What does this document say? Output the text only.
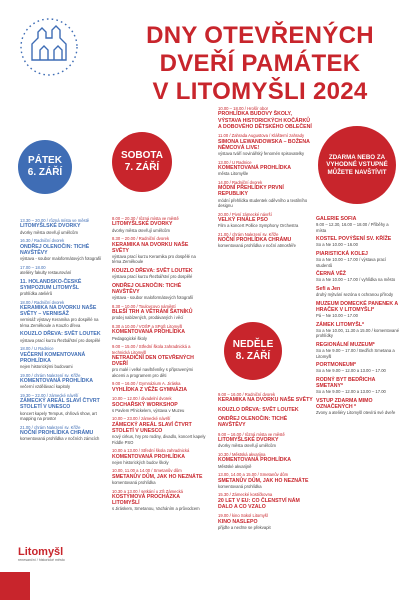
DNY OTEVŘENÝCH
DVEŘÍ PAMÁTEK
V LITOMYŠLI 2024
PÁTEK
6. ZÁŘÍ
SOBOTA
7. ZÁŘÍ
NEDĚLE
8. ZÁŘÍ
ZDARMA NEBO ZA VYHODNÉ VSTUPNÉ MŮŽETE NAVŠTÍVIT
13.30 – 20.00 / různá místa ve městě
LITOMYŠLSKÉ DVORKY
dvorky města otevřují umělcům
16.30 / Radniční dvorek
ONDŘEJ OLENOČIN: TICHÉ NAVŠTĚVY
výstava - soubor maloformátových fotografií
17.00 – 18.00
ateliéry fakulty restaurování
11. HOLANDSKO-ČESKÉ SYMPOZIUM LITOMYŠL
prohlídka ateliérů
18.00 / Radniční dvorek
KERAMIKA NA DVORKU NAŠE SVĚTY – VERNISÁŽ
vernisáž výstavy Keramika pro dospělé na téma Zeměkoule a Kouzlo dřeva
KOUZLO DŘEVA: SVĚT LOUTEK
výstava prací kurzu Řezbářství pro dospělé
18.00 / U Radnice
VEČERNÍ KOMENTOVANÁ PROHLÍDKA
nejen historickými budovami
19.00 / chrám Nalezení sv. Kříže
KOMENTOVANÁ PROHLÍDKA
večerní vzdělávací kapitoly
19.30 – 22.00 / zámecké návrší
ZÁMECKÝ AREÁL SLAVÍ ČTVRT STOLETÍ V UNESCO
koncert kapely Tempus, ohňová show, art mapping na prostor
21.00 / chrám Nalezení sv. Kříže
NOČNÍ PROHLÍDKA CHRÁMU
komentovaná prohlídka v nočních zámcích
8.00 – 20.30 / různá místa ve městě
LITOMYŠLSKÉ DVORKY
dvorky města otevřují umělcům
8.30 – 20.00 / Radniční dvorek
KERAMIKA NA DVORKU NAŠE SVĚTY
výstava prací kurzu Keramika pro dospělé na téma Zeměkoule
KOUZLO DŘEVA: SVĚT LOUTEK
výstava prací kurzu Řezbářství pro dospělé
ONDŘEJ OLENOČIN: TICHÉ NAVŠTĚVY
výstava - soubor maloformátových fotografií
8.30 – 10.00 / Toulovcovo náměstí
BLEŠÍ TRH A VĚTRÁNÍ ŠATNÍKŮ
prodej nabízených, prodávaných i věcí
8.30 a 10.00 / VOŠP a SPgŠ Litomyšl
KOMENTOVANÁ PROHLÍDKA
Pedagogické školy
9.00 – 15.00 / Střední škola zahradnická a technická Litomyšl
NETRADIČNÍ DEN OTEVŘENÝCH DVEŘÍ
pro malé i velké navštěvníky s připravenými akcemi a programem pro děti
9.00 – 16.00 / Gymnázium A. Jiráska
VYHLÍDKA Z VĚŽE GYMNÁZIA
10.00 – 12.00 / divadelní dvorek
SOCHAŘSKÝ WORKSHOP
s Pavlem Pfnickelem, výstava v Muzeu
10.00 – 23.00 / zámecké návrší
ZÁMECKÝ AREÁL SLAVÍ ČTVRT STOLETÍ V UNESCO
nový cirkus, hry pro rodiny, divadlo, koncert kapely Fiddle PSO
10.00 a 13.00 / Střední škola zahradnická
KOMENTOVANÁ PROHLÍDKA
nejen historických budov školy
10.00, 11.00 a 14.00 / Smetanův dům
SMETANŮV DŮM, JAK HO NEZNÁTE
komentovaná prohlídka
10.30 a 13.00 / setkání u ZŠ Zámecká
KOSTÝMOVÁ PROCHÁZKA LITOMYŠLÍ
s Jiráskem, Smetanou, Vacháním a průvodcem
10.00 – 18.00 / Hrošír obor
PROHLÍDKA BUDOVY ŠKOLY, VÝSTAVA HISTORICKÝCH KOČÁRKŮ A DOBOVÉHO DĚTSKÉHO OBLEČENÍ
11.00 / Zahrada Augustova / Klášterní zahrady
SIMONA LEWANDOWSKA – BOŽENA NĚMCOVÁ LIVE!
výstava tváří novinářský fenomén spisovatelky
13.00 / U Radnice
KOMENTOVANÁ PROHLÍDKA
města Litomyšle
14.00 / Radniční dvorek
MÓDNÍ PŘEHLÍDKY PRVNÍ REPUBLIKY
módní přehlídka studentek oděvního a textilního designu
20.00 / Pivní zámecké návrší
VELKÝ FINÁLE PSO
Film a koncert Pollice Symphony Orchestra
21.00 / chrám Nalezení sv. Kříže
NOČNÍ PROHLÍDKA CHRÁMU
komentovaná prohlídka v noční atmosféře
9.00 – 16.00 / Radniční dvorek
KERAMIKA NA DVORKU NAŠE SVĚTY
KOUZLO DŘEVA: SVĚT LOUTEK
ONDŘEJ OLENOČIN: TICHÉ NAVŠTĚVY
9.00 – 16.00 / různá místa ve městě
LITOMYŠLSKÉ DVORKY
dvorky města otevřují umělcům
10.30 / Městská akvarijna
KOMENTOVANÁ PROHLÍDKA
Městské akvarijně
13.00, 14.00 a 15.00 / Smetanův dům
SMETANŮV DŮM, JAK HO NEZNÁTE
komentovaná prohlídka
15.30 / Zámecké kostičkovna
20 LET V EU: CO ČLENSTVÍ NÁM DALO A CO VZALO
19.00 / kino Sokol Litomyšl
KINO NASLEPO
přijďte a nechte se překvapit
GALERIE SOFIA
9.00 – 12.30, 16.00 – 18.00 / Příběhy a místa
KOSTEL POVÝŠENÍ SV. KŘÍŽE
So a Ne 10.00 – 16.00
PIARISTICKÁ KOLEJ
So a Ne 10.00 – 17.00 / výstava prací studentů
ČERNÁ VĚŽ
So a Ne 10.00 – 17.00 / vyhlídka na město
Sefi a Jen
druhý mýtvání sezóna s ochranou přírody
MUZEUM DOMECKÉ PANENEK A HRAČEK V LITOMYŠLI*
Pá – Ne 10.00 – 17.00
ZÁMEK LITOMYŠL*
So a Ne 10.00, 11.30 a 15.00 / komentované prohlídky
REGIONÁLNÍ MUZEUM*
So a Ne 9.00 – 17.00 / Bedřich Smetana a Litomyšl
PORTMONEUM*
So a Ne 9.00 – 12.00 a 13.00 – 17.00
RODNÝ BYT BEDŘICHA SMETANY*
So a Ne 9.00 – 12.00 a 13.00 – 17.00
VSTUP ZDARMA MIMO OZNAČENÝCH *
Zvony a ateliéry Litomyšl otevírá své dveře
Litomyšl
renesanční / historické město
